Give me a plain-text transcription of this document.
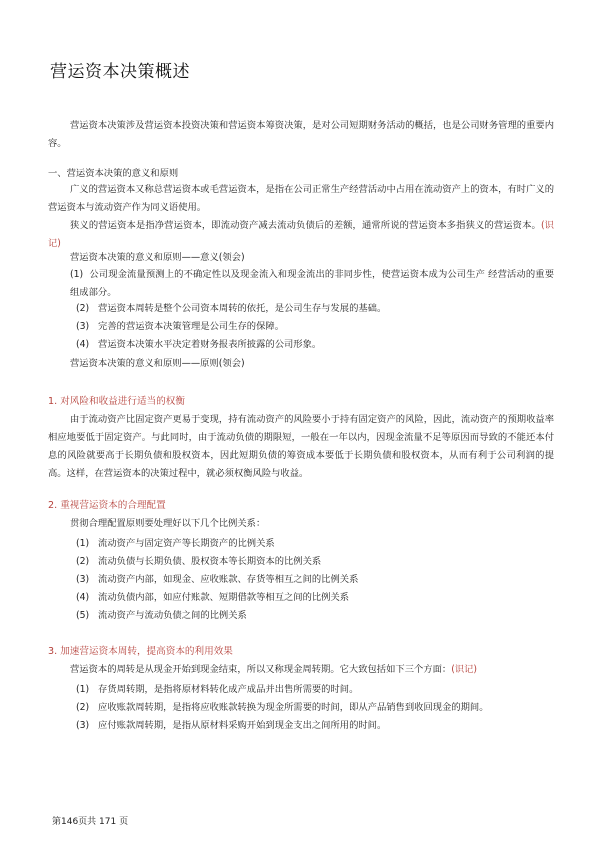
营运资本决策概述
营运资本决策涉及营运资本投资决策和营运资本筹资决策，是对公司短期财务活动的概括，也是公司财务管理的重要内容。
一、营运资本决策的意义和原则
广义的营运资本又称总营运资本或毛营运资本，是指在公司正常生产经营活动中占用在流动资产上的资本，有时广义的营运资本与流动资产作为同义语使用。
狭义的营运资本是指净营运资本，即流动资产减去流动负债后的差额，通常所说的营运资本多指狭义的营运资本。(识记)
营运资本决策的意义和原则——意义(领会)
(1) 公司现金流量预测上的不确定性以及现金流入和现金流出的非同步性，使营运资本成为公司生产 经营活动的重要组成部分。
(2) 营运资本周转是整个公司资本周转的依托，是公司生存与发展的基础。
(3) 完善的营运资本决策管理是公司生存的保障。
(4) 营运资本决策水平决定着财务报表所披露的公司形象。
营运资本决策的意义和原则——原则(领会)
1. 对风险和收益进行适当的权衡
由于流动资产比固定资产更易于变现，持有流动资产的风险要小于持有固定资产的风险，因此，流动资产的预期收益率相应地要低于固定资产。与此同时，由于流动负债的期限短，一般在一年以内，因现金流量不足等原因而导致的不能还本付息的风险就要高于长期负债和股权资本，因此短期负债的筹资成本要低于长期负债和股权资本，从而有利于公司利润的提高。这样，在营运资本的决策过程中，就必须权衡风险与收益。
2. 重视营运资本的合理配置
贯彻合理配置原则要处理好以下几个比例关系：
(1) 流动资产与固定资产等长期资产的比例关系
(2) 流动负债与长期负债、股权资本等长期资本的比例关系
(3) 流动资产内部，如现金、应收账款、存货等相互之间的比例关系
(4) 流动负债内部，如应付账款、短期借款等相互之间的比例关系
(5) 流动资产与流动负债之间的比例关系
3. 加速营运资本周转，提高资本的利用效果
营运资本的周转是从现金开始到现金结束，所以又称现金周转期。它大致包括如下三个方面：(识记)
(1) 存货周转期，是指将原材料转化成产成品并出售所需要的时间。
(2) 应收账款周转期，是指将应收账款转换为现金所需要的时间，即从产品销售到收回现金的期间。
(3) 应付账款周转期，是指从原材料采购开始到现金支出之间所用的时间。
第146页共 171 页
